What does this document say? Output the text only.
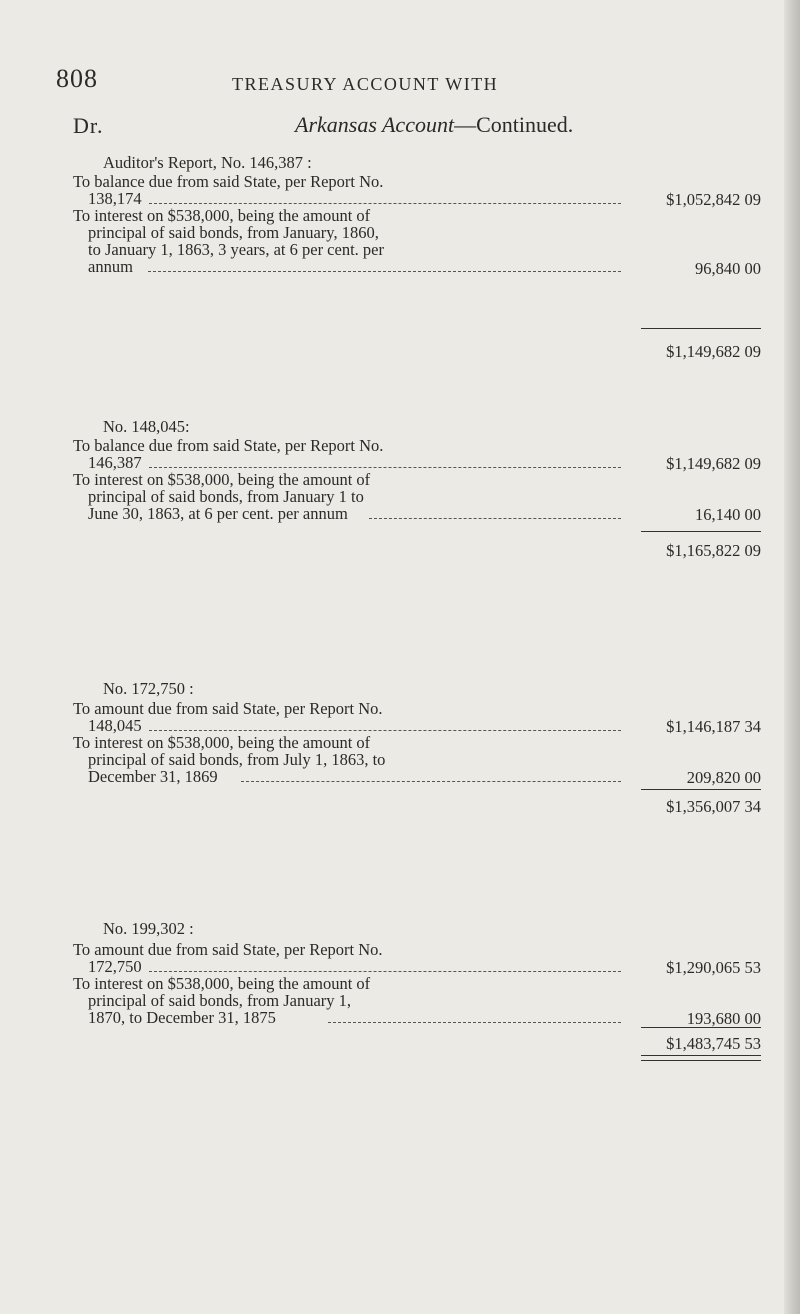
808	TREASURY ACCOUNT WITH
Dr.	Arkansas Account—Continued.
Auditor's Report, No. 146,387 :
To balance due from said State, per Report No.
138,174	$1,052,842 09
To interest on $538,000, being the amount of
principal of said bonds, from January, 1860,
to January 1, 1863, 3 years, at 6 per cent. per
annum	96,840 00
$1,149,682 09
No. 148,045:
To balance due from said State, per Report No.
146,387	$1,149,682 09
To interest on $538,000, being the amount of
principal of said bonds, from January 1 to
June 30, 1863, at 6 per cent. per annum	16,140 00
$1,165,822 09
No. 172,750 :
To amount due from said State, per Report No.
148,045	$1,146,187 34
To interest on $538,000, being the amount of
principal of said bonds, from July 1, 1863, to
December 31, 1869	209,820 00
$1,356,007 34
No. 199,302 :
To amount due from said State, per Report No.
172,750	$1,290,065 53
To interest on $538,000, being the amount of
principal of said bonds, from January 1,
1870, to December 31, 1875	193,680 00
$1,483,745 53
